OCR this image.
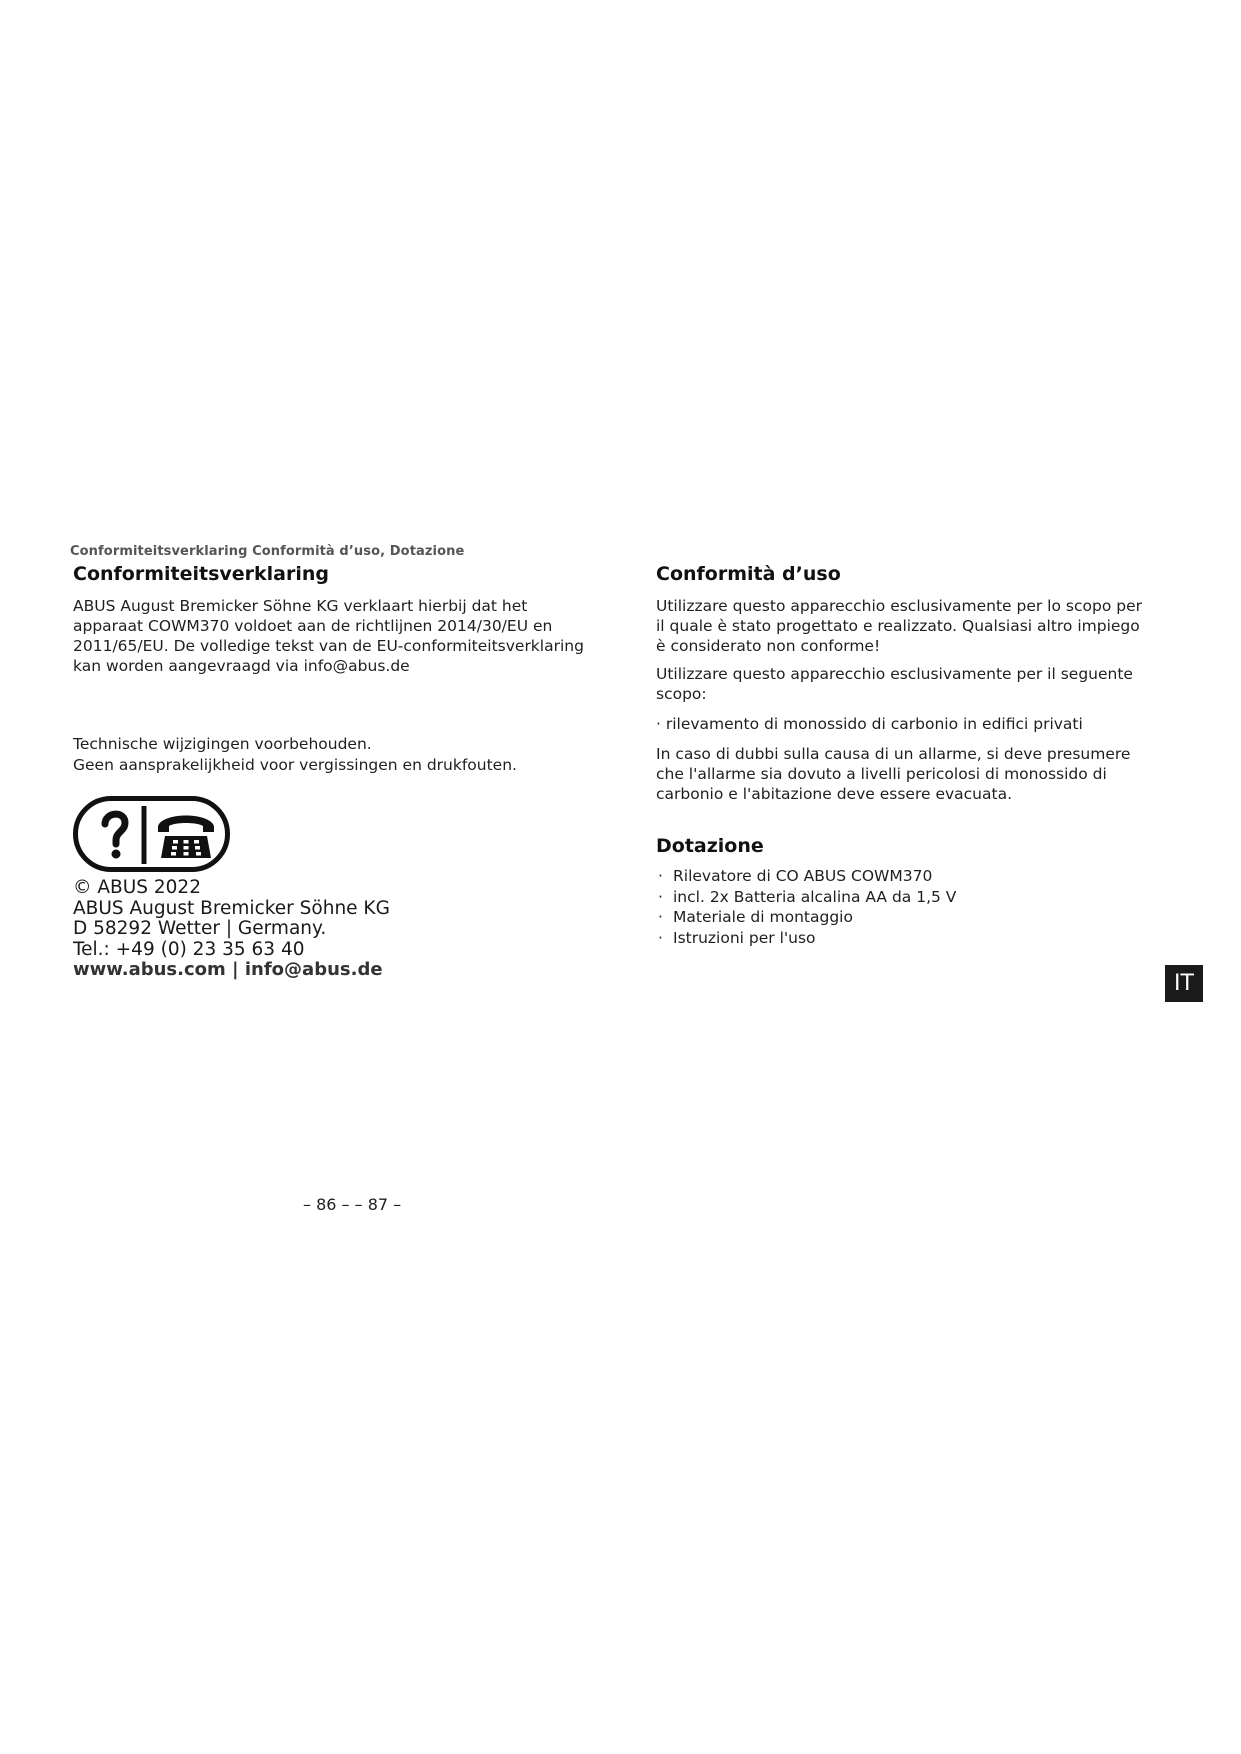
Conformiteitsverklaring Conformità d’uso, Dotazione
Conformiteitsverklaring

ABUS August Bremicker Söhne KG verklaart hierbij dat het

apparaat COWM370 voldoet aan de richtlijnen 2014/30/EU en

2011/65/EU. De volledige tekst van de EU-conformiteitsverklaring

kan worden aangevraagd via info@abus.de

Technische wijzigingen voorbehouden.

Geen aansprakelijkheid voor vergissingen en drukfouten.

© ABUS 2022
ABUS August Bremicker Söhne KG
D 58292 Wetter | Germany.
Tel.: +49 (0) 23 35 63 40
www.abus.com | info@abus.de
Conformità d’uso

Utilizzare questo apparecchio esclusivamente per lo scopo per

il quale è stato progettato e realizzato. Qualsiasi altro impiego

è considerato non conforme!

Utilizzare questo apparecchio esclusivamente per il seguente

scopo:

· rilevamento di monossido di carbonio in edifici privati

In caso di dubbi sulla causa di un allarme, si deve presumere

che l'allarme sia dovuto a livelli pericolosi di monossido di

carbonio e l'abitazione deve essere evacuata.

Dotazione
· Rilevatore di CO ABUS COWM370
· incl. 2x Batteria alcalina AA da 1,5 V
· Materiale di montaggio
· Istruzioni per l'uso
IT
– 86 – – 87 –
